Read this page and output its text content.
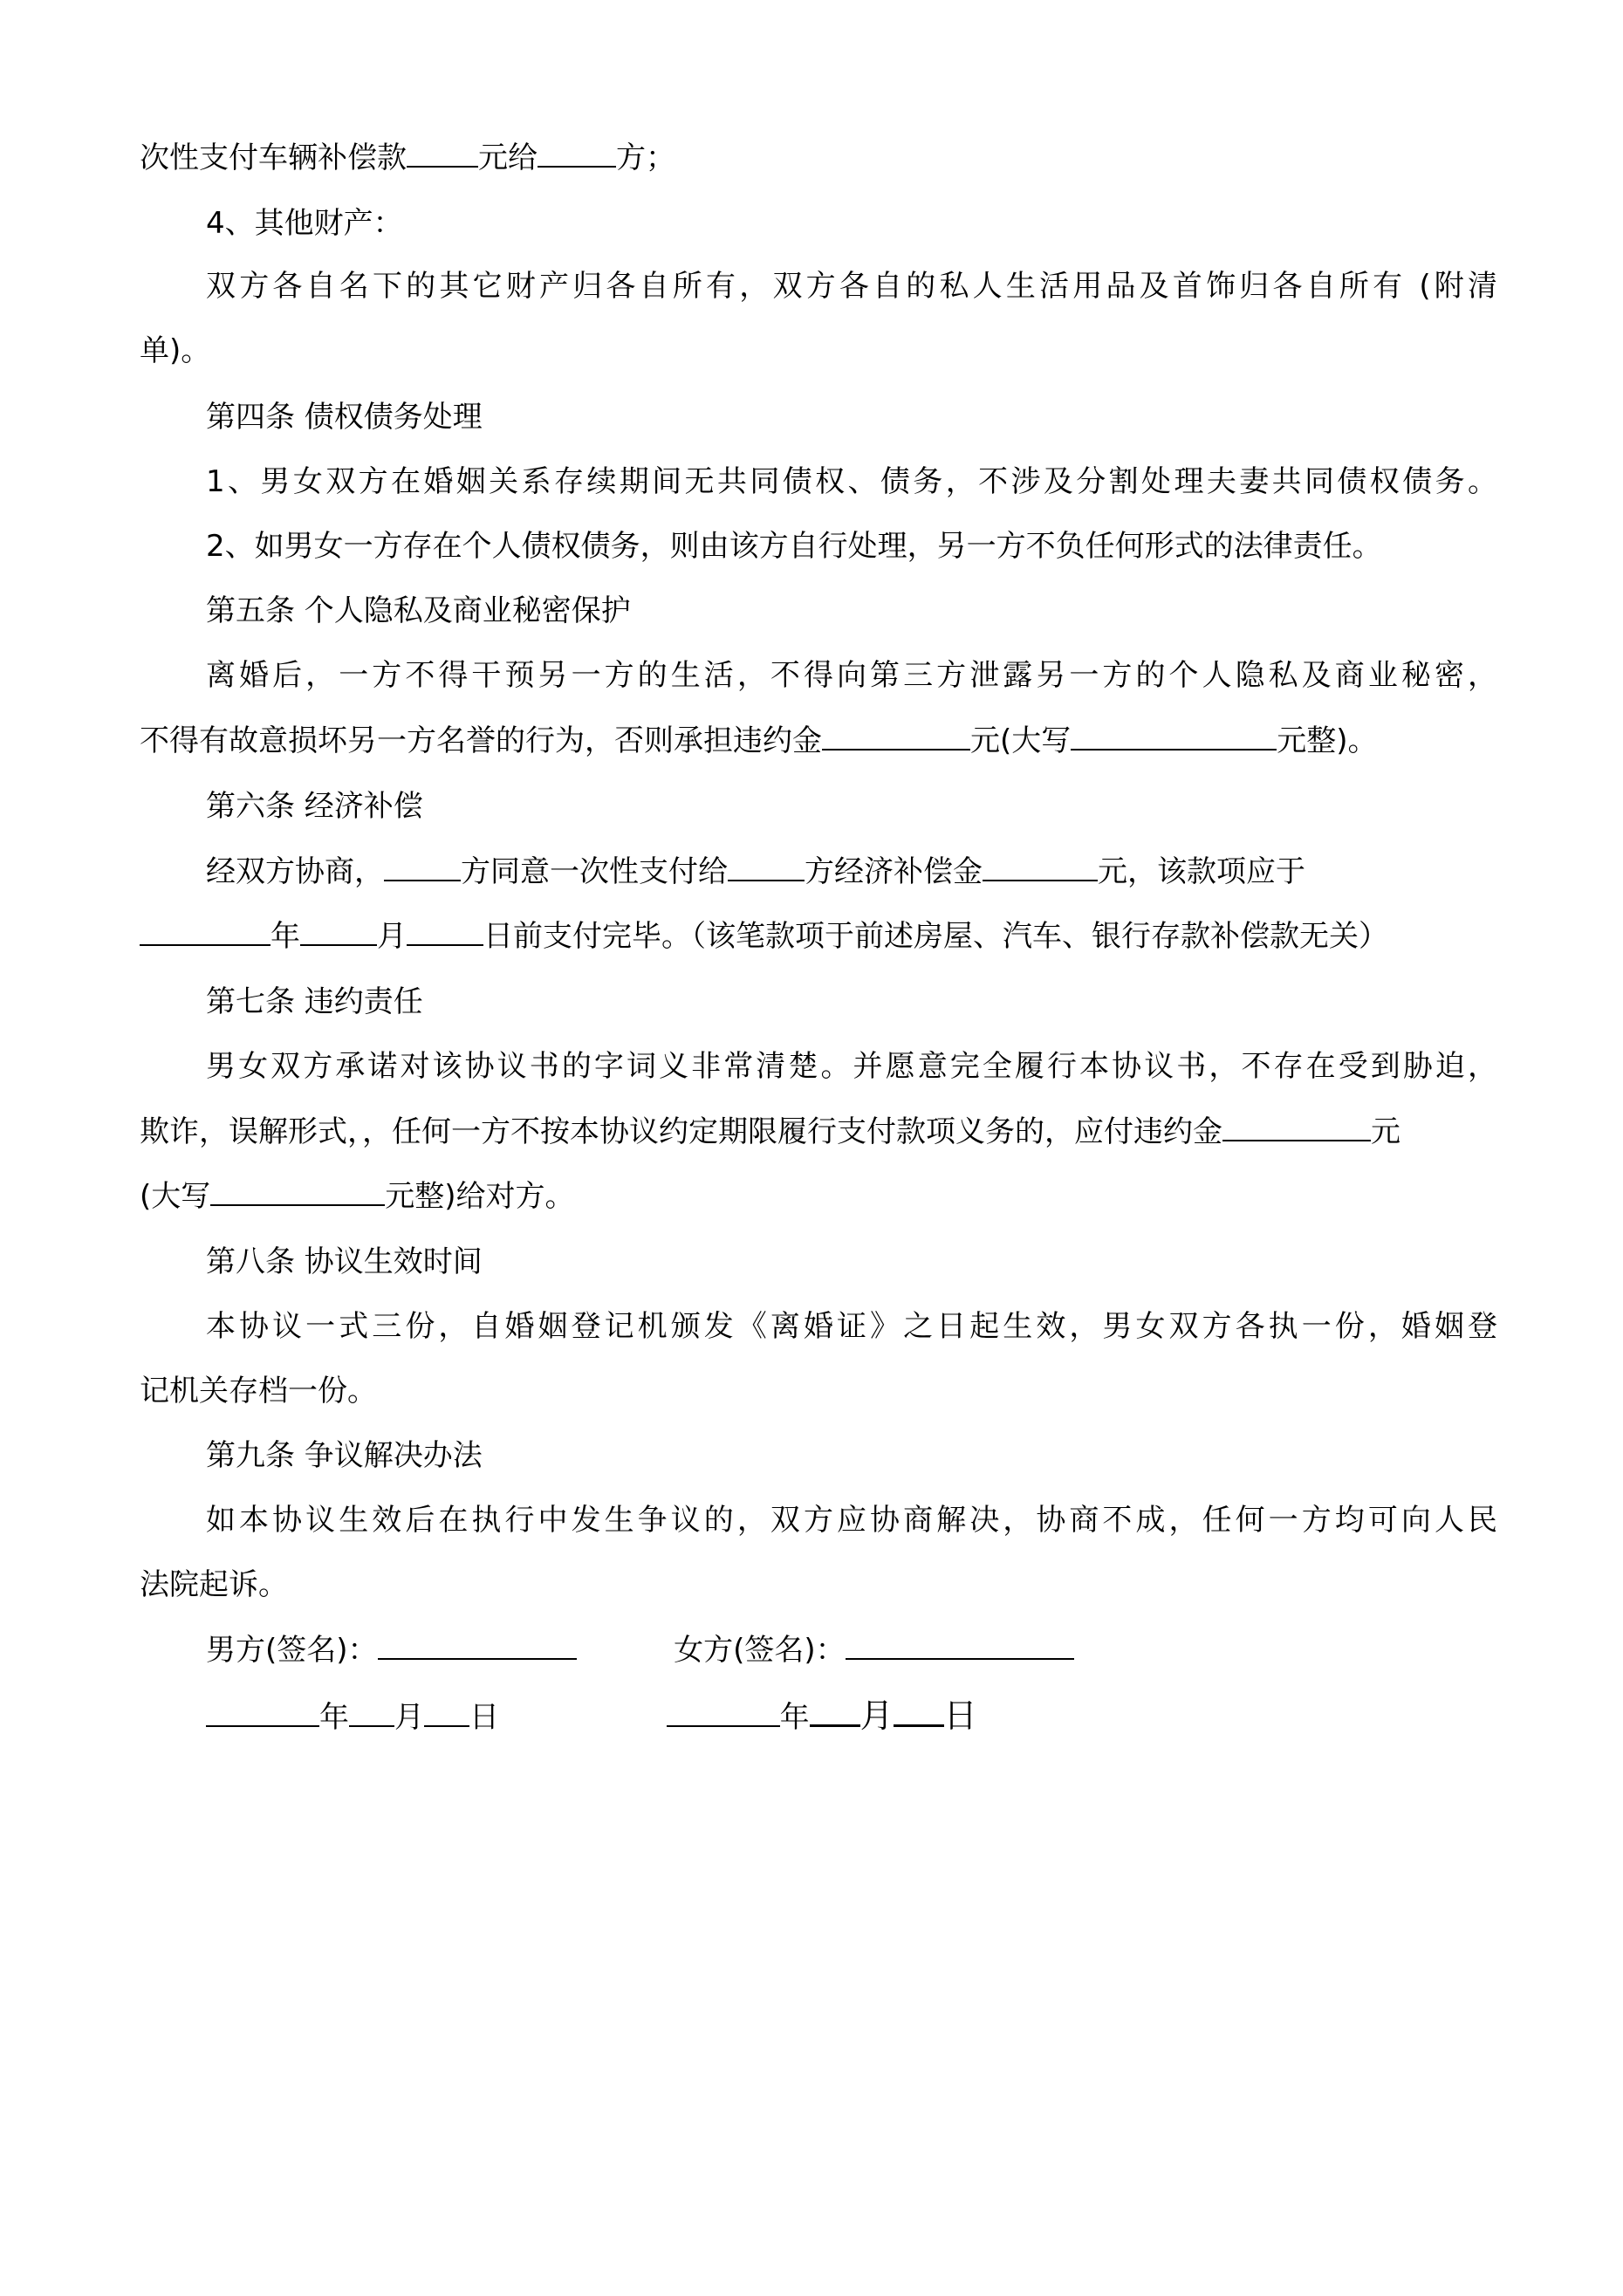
次性支付车辆补偿款 元给	方；

4、其他财产：

双方各自名下的其它财产归各自所有，双方各自的私人生活用品及首饰归各自所有 (附清

单)。

第四条 债权债务处理

1、男女双方在婚姻关系存续期间无共同债权、债务，不涉及分割处理夫妻共同债权债务。

2、如男女一方存在个人债权债务，则由该方自行处理，另一方不负任何形式的法律责任。

第五条 个人隐私及商业秘密保护

离婚后，一方不得干预另一方的生活，不得向第三方泄露另一方的个人隐私及商业秘密，

不得有故意损坏另一方名誉的行为，否则承担违约金	元(大写	元整)。

第六条 经济补偿

经双方协商，	方同意一次性支付给	方经济补偿金	元，该款项应于

年	月	日前支付完毕。（该笔款项于前述房屋、汽车、银行存款补偿款无关）

第七条 违约责任

男女双方承诺对该协议书的字词义非常清楚。并愿意完全履行本协议书，不存在受到胁迫，

欺诈，误解形式，，任何一方不按本协议约定期限履行支付款项义务的，应付违约金	元

(大写	元整)给对方。

第八条 协议生效时间

本协议一式三份，自婚姻登记机颁发《离婚证》之日起生效，男女双方各执一份，婚姻登

记机关存档一份。

第九条 争议解决办法

如本协议生效后在执行中发生争议的，双方应协商解决，协商不成，任何一方均可向人民

法院起诉。

男方(签名)：	女方(签名)：

年 月 日	年 月 日
